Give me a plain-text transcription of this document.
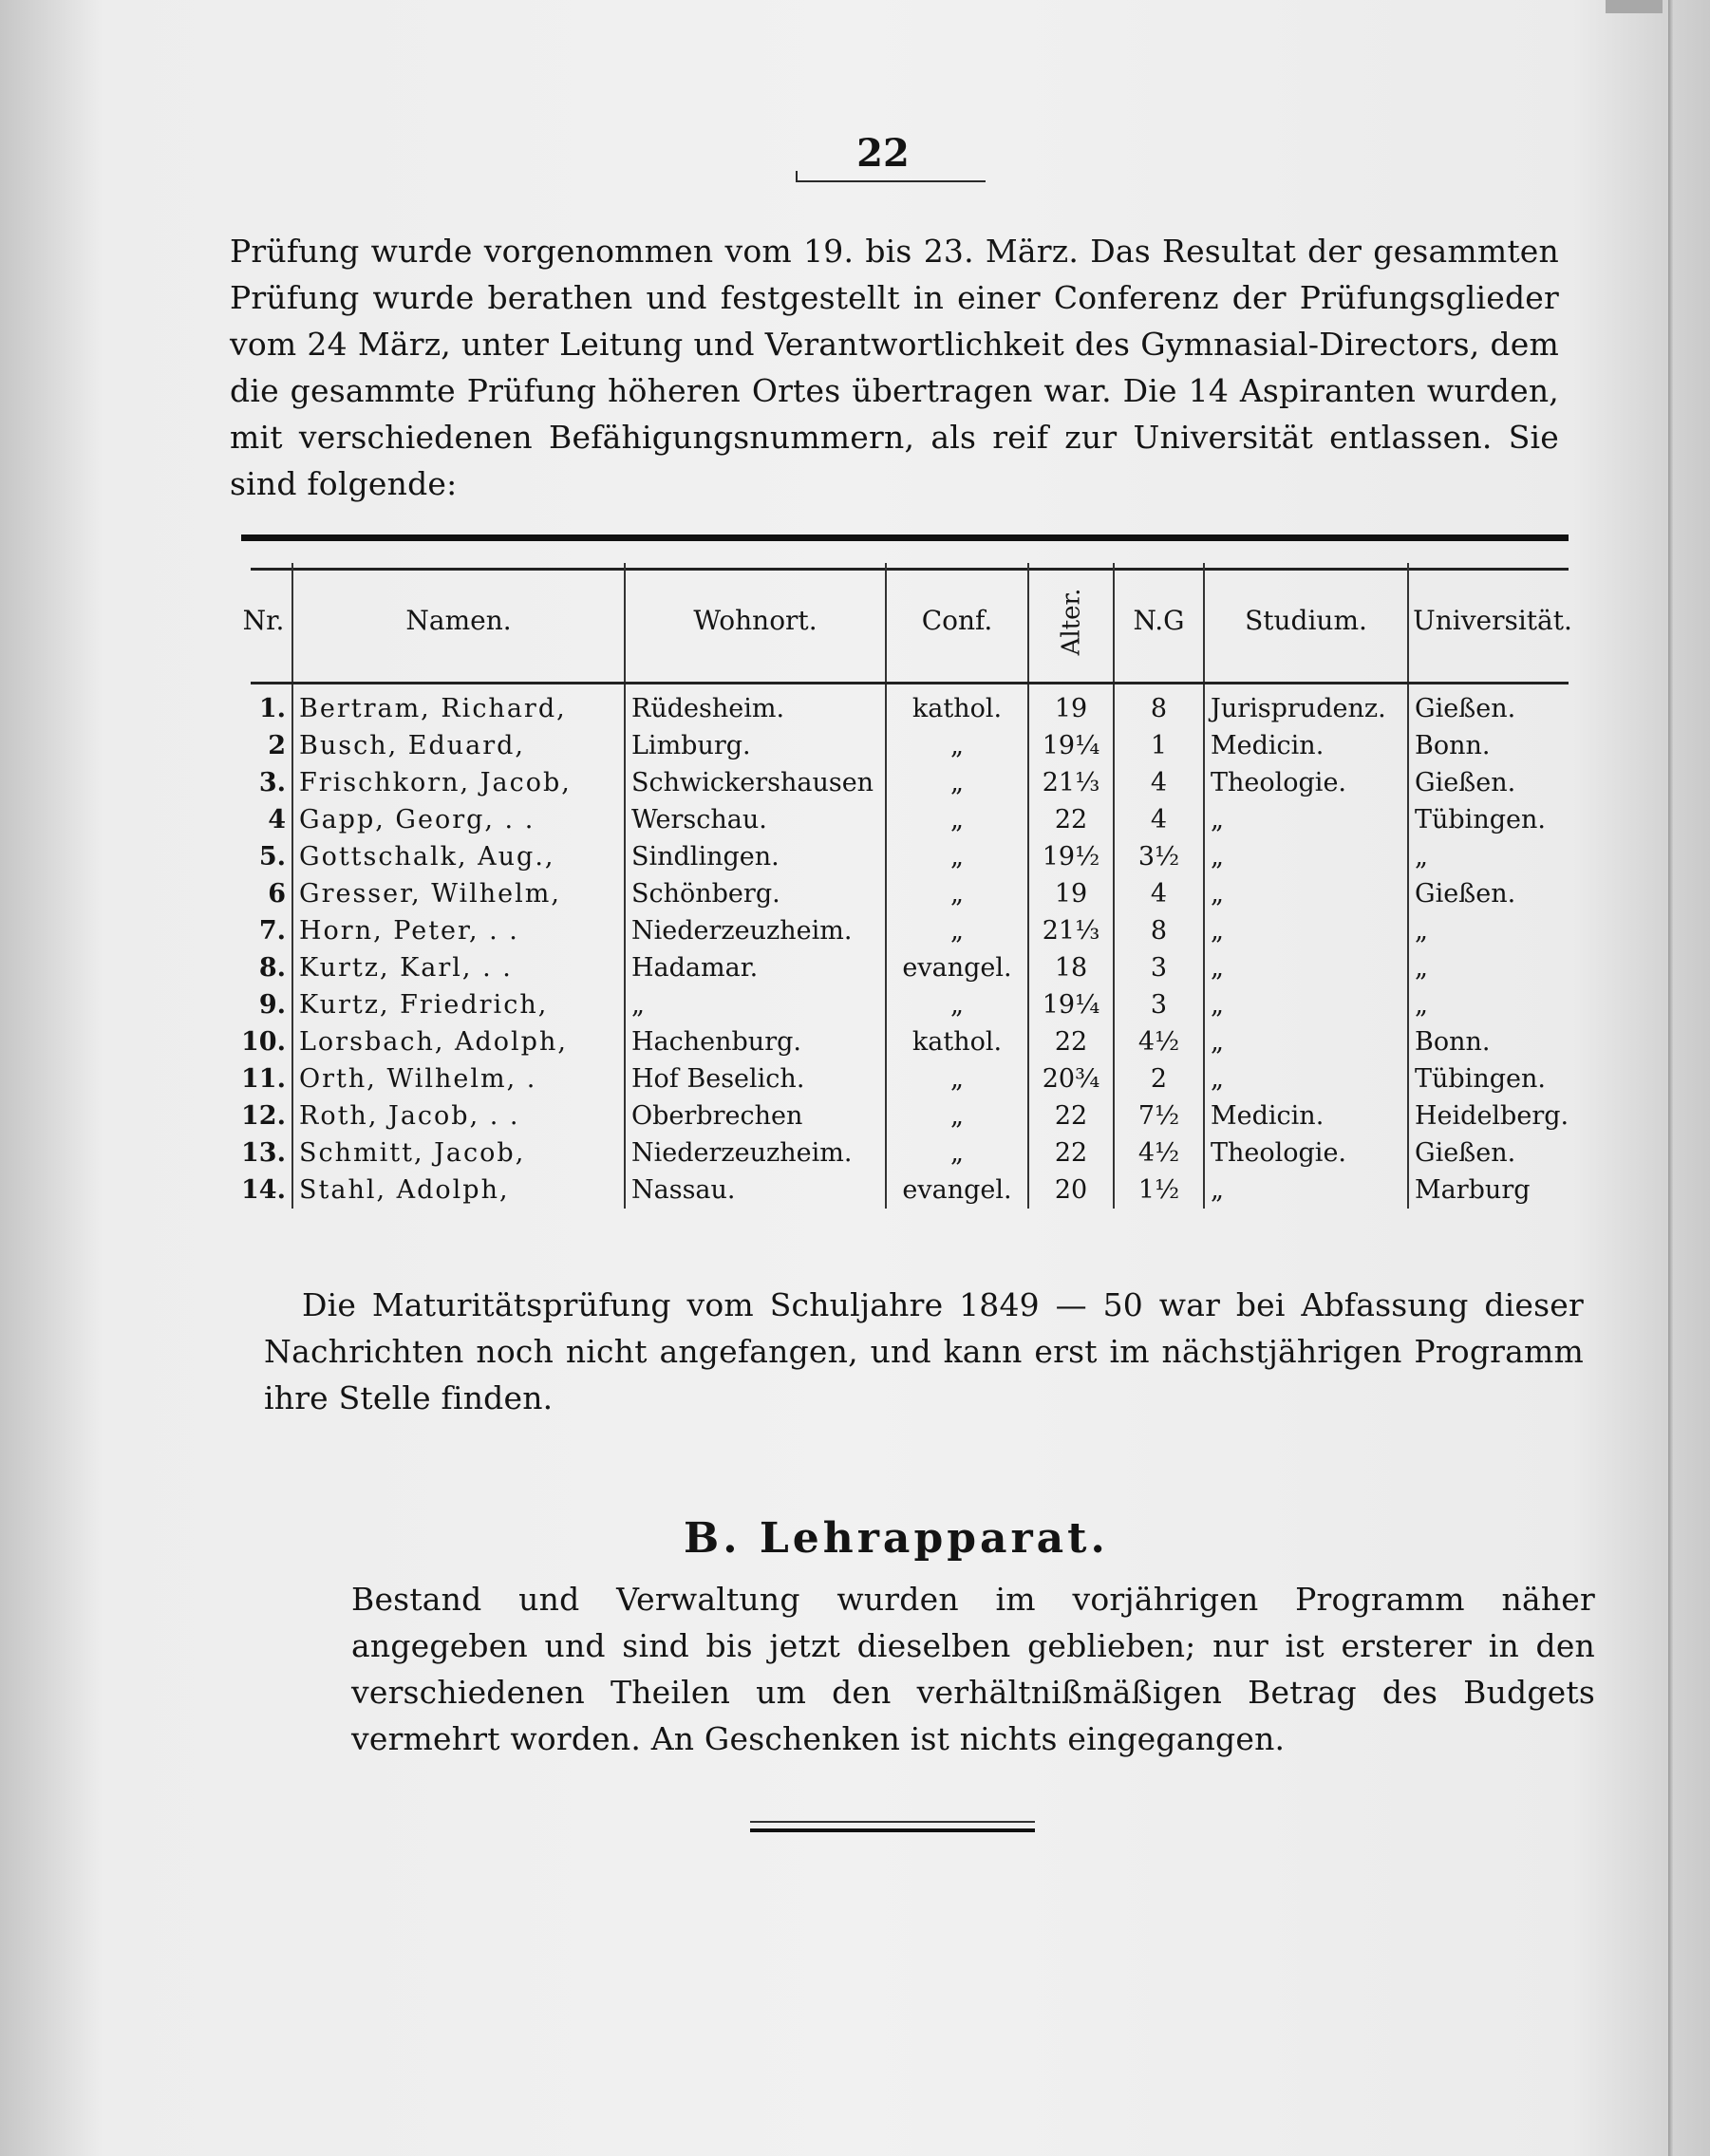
22
Prüfung wurde vorgenommen vom 19. bis 23. März. Das Resultat der gesammten Prüfung wurde berathen und festgestellt in einer Conferenz der Prüfungsglieder vom 24 März, unter Leitung und Verantwortlichkeit des Gymnasial-Directors, dem die gesammte Prüfung höheren Ortes übertragen war. Die 14 Aspiranten wurden, mit verschiedenen Befähigungsnummern, als reif zur Universität entlassen. Sie sind folgende:
Nr.	Namen.	Wohnort.	Conf.	Alter.	N.G	Studium.	Universität.
1.	Bertram, Richard,	Rüdesheim.	kathol.	19	8	Jurisprudenz.	Gießen.
2	Busch, Eduard,	Limburg.	„	19¼	1	Medicin.	Bonn.
3.	Frischkorn, Jacob,	Schwickershausen	„	21⅓	4	Theologie.	Gießen.
4	Gapp, Georg, . .	Werschau.	„	22	4	„	Tübingen.
5.	Gottschalk, Aug.,	Sindlingen.	„	19½	3½	„	„
6	Gresser, Wilhelm,	Schönberg.	„	19	4	„	Gießen.
7.	Horn, Peter, . .	Niederzeuzheim.	„	21⅓	8	„	„
8.	Kurtz, Karl, . .	Hadamar.	evangel.	18	3	„	„
9.	Kurtz, Friedrich,	„	„	19¼	3	„	„
10.	Lorsbach, Adolph,	Hachenburg.	kathol.	22	4½	„	Bonn.
11.	Orth, Wilhelm, .	Hof Beselich.	„	20¾	2	„	Tübingen.
12.	Roth, Jacob, . .	Oberbrechen	„	22	7½	Medicin.	Heidelberg.
13.	Schmitt, Jacob,	Niederzeuzheim.	„	22	4½	Theologie.	Gießen.
14.	Stahl, Adolph,	Nassau.	evangel.	20	1½	„	Marburg
Die Maturitätsprüfung vom Schuljahre 1849 — 50 war bei Abfassung dieser Nachrichten noch nicht angefangen, und kann erst im nächstjährigen Programm ihre Stelle finden.
B. Lehrapparat.
Bestand und Verwaltung wurden im vorjährigen Programm näher angegeben und sind bis jetzt dieselben geblieben; nur ist ersterer in den verschiedenen Theilen um den verhältnißmäßigen Betrag des Budgets vermehrt worden. An Geschenken ist nichts eingegangen.
